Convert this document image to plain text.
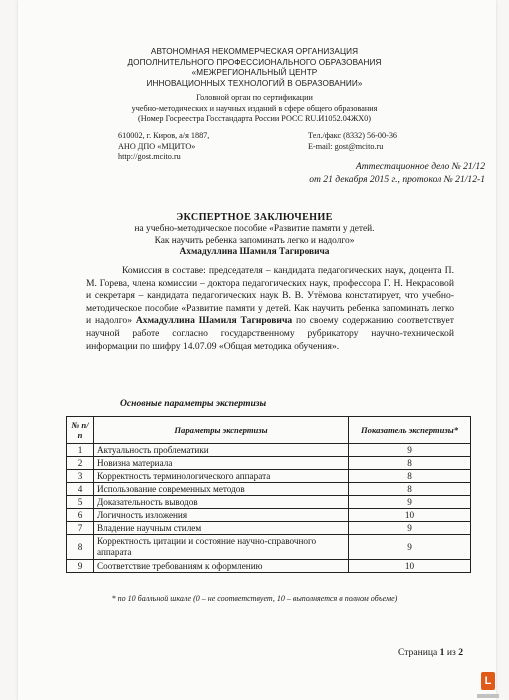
АВТОНОМНАЯ НЕКОММЕРЧЕСКАЯ ОРГАНИЗАЦИЯ
ДОПОЛНИТЕЛЬНОГО ПРОФЕССИОНАЛЬНОГО ОБРАЗОВАНИЯ
«МЕЖРЕГИОНАЛЬНЫЙ ЦЕНТР
ИННОВАЦИОННЫХ ТЕХНОЛОГИЙ В ОБРАЗОВАНИИ»
Головной орган по сертификации
учебно-методических и научных изданий в сфере общего образования
(Номер Госреестра Госстандарта России РОСС RU.И1052.04ЖХ0)
610002, г. Киров, а/я 1887,
АНО ДПО «МЦИТО»
http://gost.mcito.ru
Тел./факс (8332) 56-00-36
E-mail: gost@mcito.ru
Аттестационное дело № 21/12
от 21 декабря 2015 г., протокол № 21/12-1
ЭКСПЕРТНОЕ ЗАКЛЮЧЕНИЕ
на учебно-методическое пособие «Развитие памяти у детей.
Как научить ребенка запоминать легко и надолго»
Ахмадуллина Шамиля Тагировича

Комиссия в составе: председателя – кандидата педагогических наук, доцента П. М. Горева, члена комиссии – доктора педагогических наук, профессора Г. Н. Некрасовой и секретаря – кандидата педагогических наук В. В. Утёмова констатирует, что учебно-методическое пособие «Развитие памяти у детей. Как научить ребенка запоминать легко и надолго» Ахмадуллина Шамиля Тагировича по своему содержанию соответствует научной работе согласно государственному рубрикатору научно-технической информации по шифру 14.07.09 «Общая методика обучения».

Основные параметры экспертизы
№ п/п	Параметры экспертизы	Показатель экспертизы*
1	Актуальность проблематики	9
2	Новизна материала	8
3	Корректность терминологического аппарата	8
4	Использование современных методов	8
5	Доказательность выводов	9
6	Логичность изложения	10
7	Владение научным стилем	9
8	Корректность цитации и состояние научно-справочного аппарата	9
9	Соответствие требованиям к оформлению	10
* по 10 балльной шкале (0 – не соответствует, 10 – выполняется в полном объеме)
Страница 1 из 2
L
